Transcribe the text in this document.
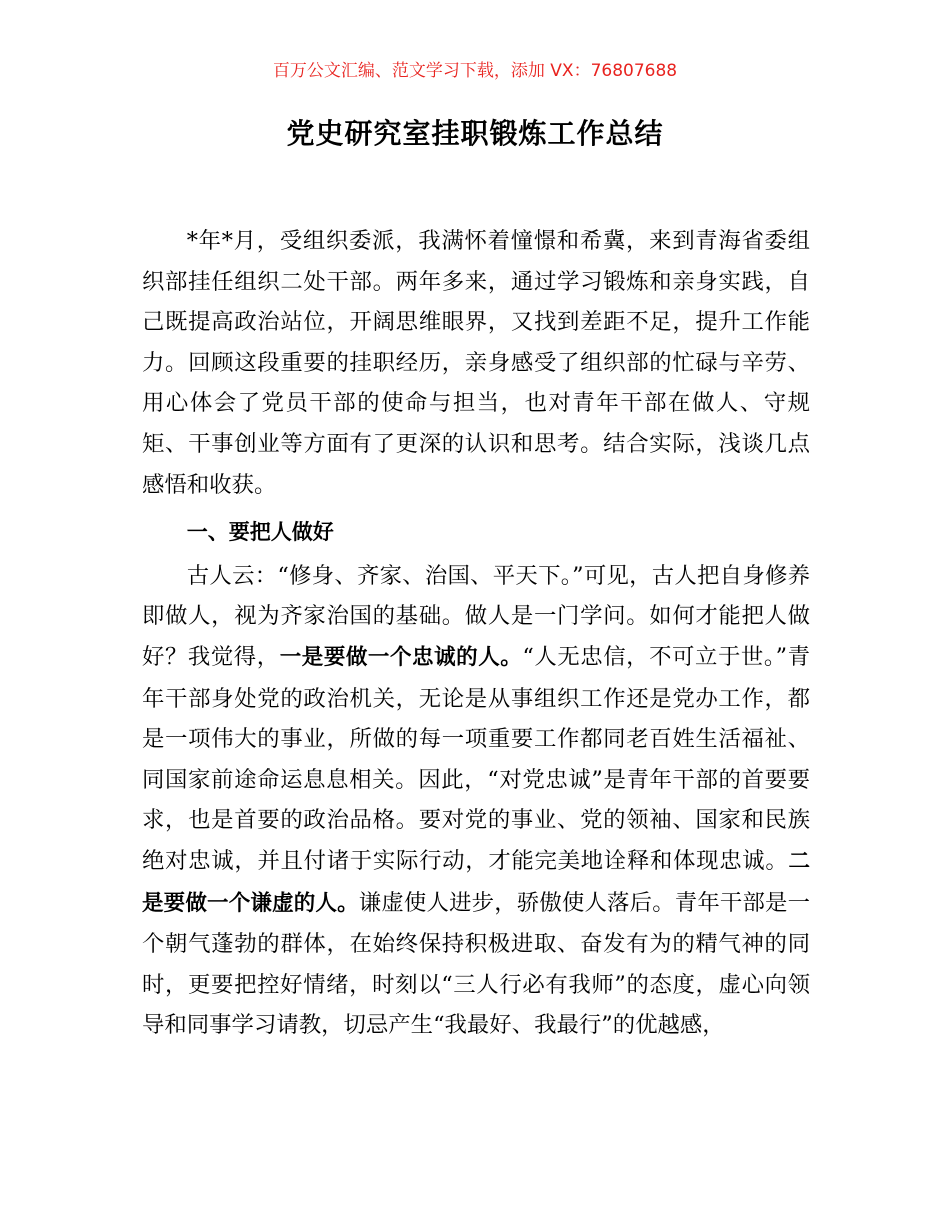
百万公文汇编、范文学习下载，添加 VX：76807688
党史研究室挂职锻炼工作总结

*年*月，受组织委派，我满怀着憧憬和希冀，来到青海省委组织部挂任组织二处干部。两年多来，通过学习锻炼和亲身实践，自己既提高政治站位，开阔思维眼界，又找到差距不足，提升工作能力。回顾这段重要的挂职经历，亲身感受了组织部的忙碌与辛劳、用心体会了党员干部的使命与担当，也对青年干部在做人、守规矩、干事创业等方面有了更深的认识和思考。结合实际，浅谈几点感悟和收获。

一、要把人做好

古人云：“修身、齐家、治国、平天下。”可见，古人把自身修养即做人，视为齐家治国的基础。做人是一门学问。如何才能把人做好？我觉得，一是要做一个忠诚的人。“人无忠信，不可立于世。”青年干部身处党的政治机关，无论是从事组织工作还是党办工作，都是一项伟大的事业，所做的每一项重要工作都同老百姓生活福祉、同国家前途命运息息相关。因此，“对党忠诚”是青年干部的首要要求，也是首要的政治品格。要对党的事业、党的领袖、国家和民族绝对忠诚，并且付诸于实际行动，才能完美地诠释和体现忠诚。二是要做一个谦虚的人。谦虚使人进步，骄傲使人落后。青年干部是一个朝气蓬勃的群体，在始终保持积极进取、奋发有为的精气神的同时，更要把控好情绪，时刻以“三人行必有我师”的态度，虚心向领导和同事学习请教，切忌产生“我最好、我最行”的优越感，
